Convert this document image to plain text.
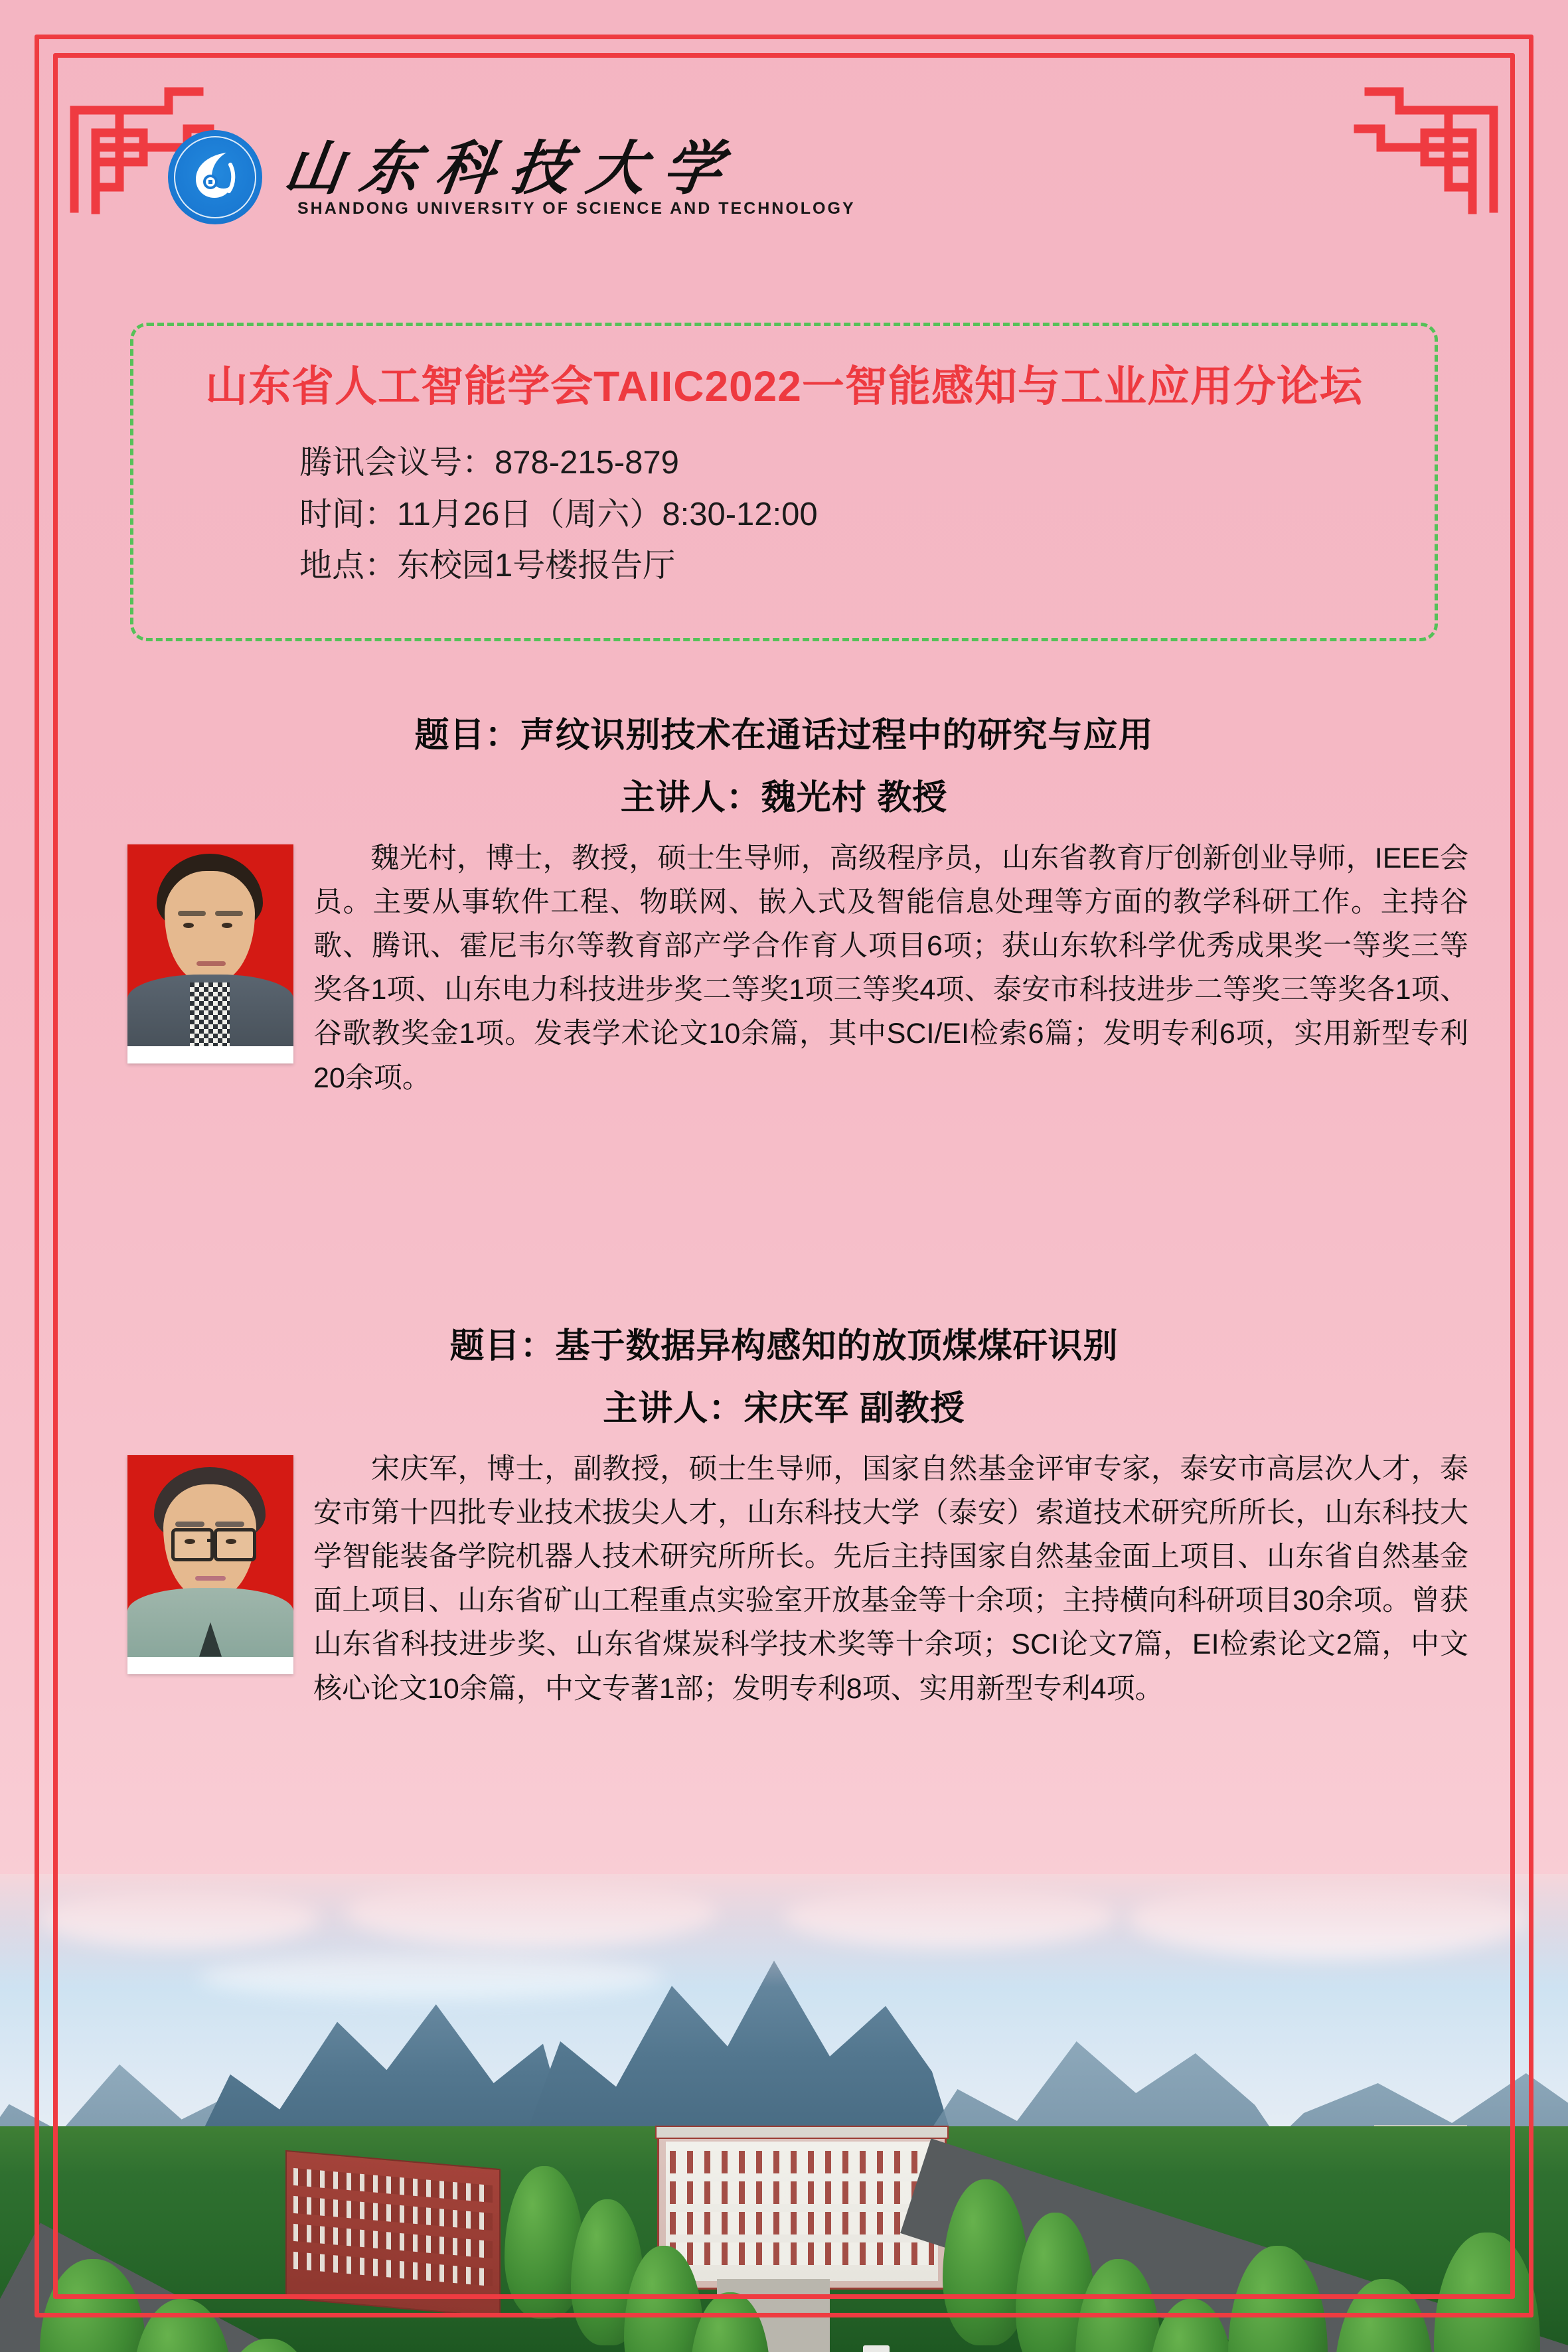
山东科技大学
SHANDONG UNIVERSITY OF SCIENCE AND TECHNOLOGY
山东省人工智能学会TAIIC2022一智能感知与工业应用分论坛
腾讯会议号：878-215-879
时间：11月26日（周六）8:30-12:00
地点：东校园1号楼报告厅
题目：声纹识别技术在通话过程中的研究与应用
主讲人：魏光村 教授
　　魏光村，博士，教授，硕士生导师，高级程序员，山东省教育厅创新创业导师，IEEE会员。主要从事软件工程、物联网、嵌入式及智能信息处理等方面的教学科研工作。主持谷歌、腾讯、霍尼韦尔等教育部产学合作育人项目6项；获山东软科学优秀成果奖一等奖三等奖各1项、山东电力科技进步奖二等奖1项三等奖4项、泰安市科技进步二等奖三等奖各1项、谷歌教奖金1项。发表学术论文10余篇，其中SCI/EI检索6篇；发明专利6项，实用新型专利20余项。
题目：基于数据异构感知的放顶煤煤矸识别
主讲人：宋庆军 副教授
　　宋庆军，博士，副教授，硕士生导师，国家自然基金评审专家，泰安市高层次人才，泰安市第十四批专业技术拔尖人才，山东科技大学（泰安）索道技术研究所所长，山东科技大学智能装备学院机器人技术研究所所长。先后主持国家自然基金面上项目、山东省自然基金面上项目、山东省矿山工程重点实验室开放基金等十余项；主持横向科研项目30余项。曾获山东省科技进步奖、山东省煤炭科学技术奖等十余项；SCI论文7篇，EI检索论文2篇，中文核心论文10余篇，中文专著1部；发明专利8项、实用新型专利4项。
